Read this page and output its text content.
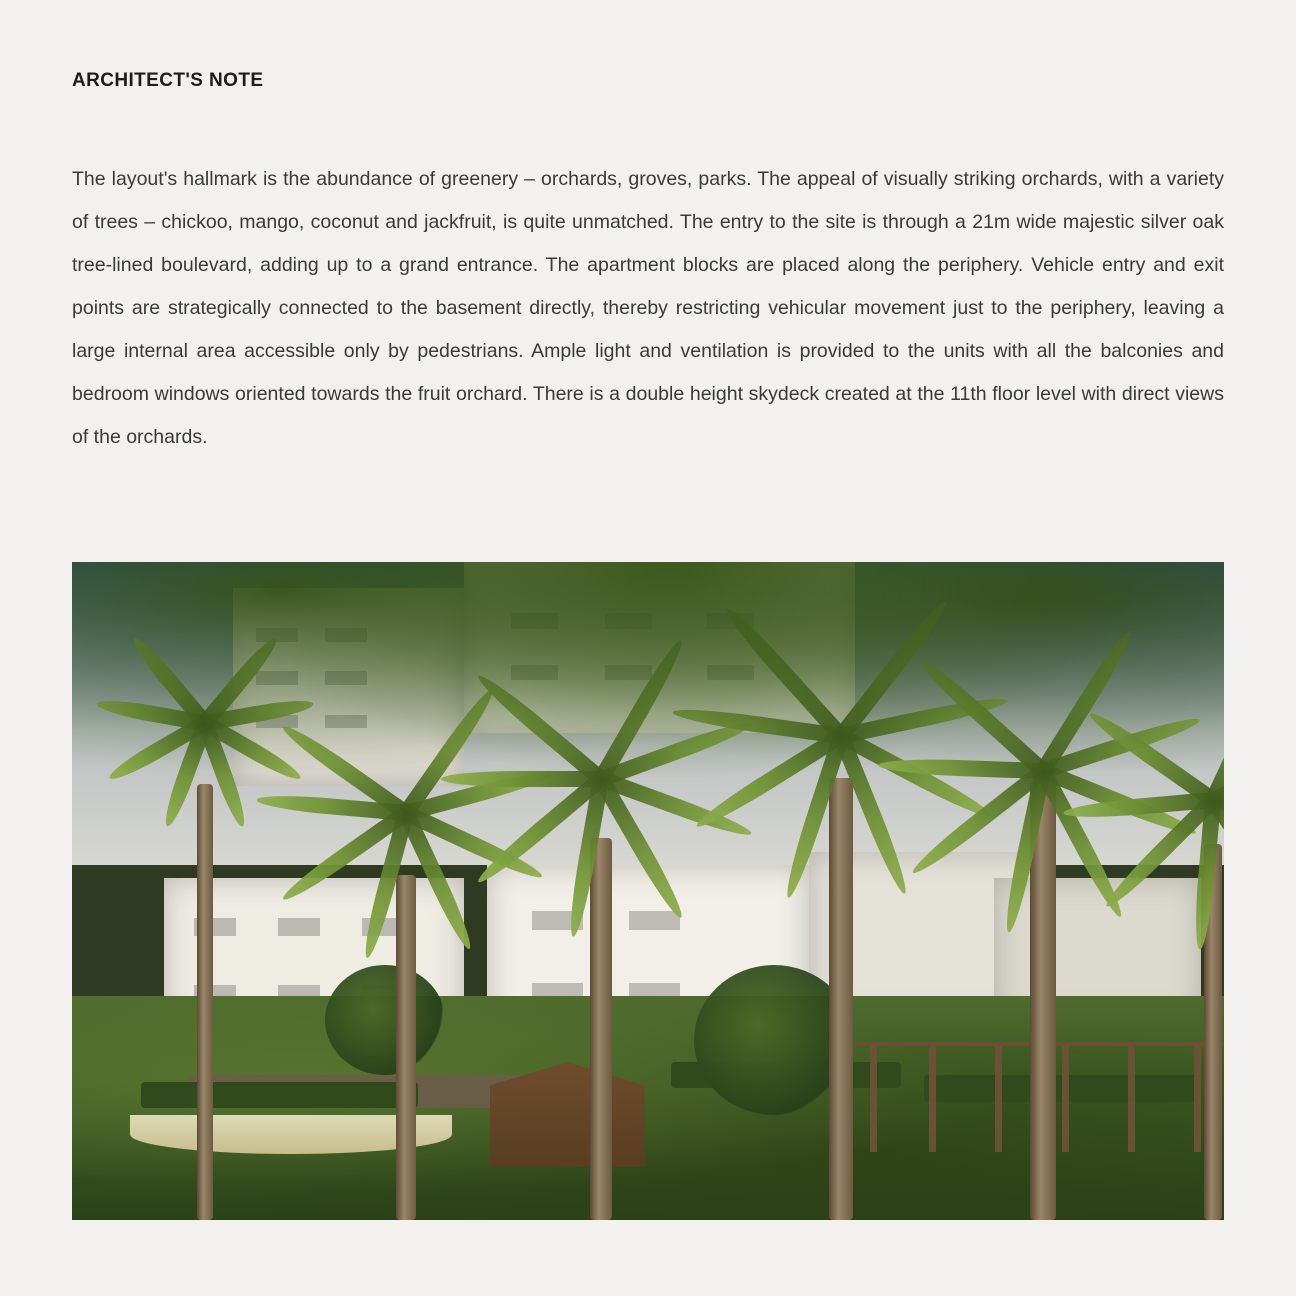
ARCHITECT'S NOTE
The layout's hallmark is the abundance of greenery – orchards, groves, parks. The appeal of visually striking orchards, with a variety of trees – chickoo, mango, coconut and jackfruit, is quite unmatched. The entry to the site is through a 21m wide majestic silver oak tree-lined boulevard, adding up to a grand entrance. The apartment blocks are placed along the periphery. Vehicle entry and exit points are strategically connected to the basement directly, thereby restricting vehicular movement just to the periphery, leaving a large internal area accessible only by pedestrians. Ample light and ventilation is provided to the units with all the balconies and bedroom windows oriented towards the fruit orchard. There is a double height skydeck created at the 11th floor level with direct views of the orchards.
